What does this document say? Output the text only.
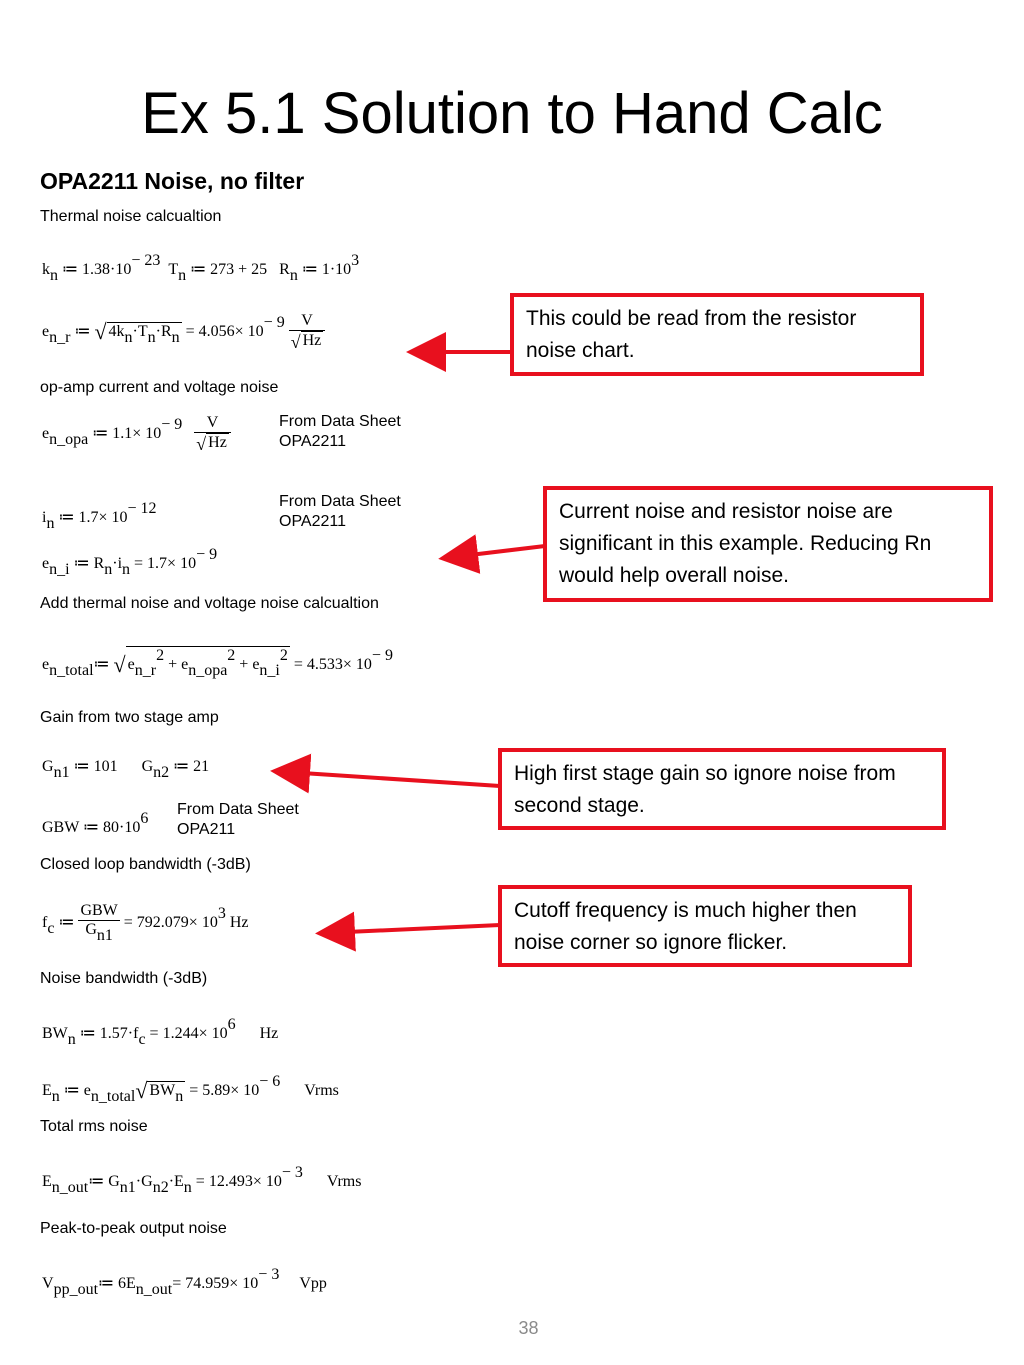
Ex 5.1 Solution to Hand Calc
OPA2211 Noise, no filter
Thermal noise calcualtion
$k_n$ ≔ $1.38\cdot 10^{- 23}$  $T_n$ ≔ 273 + 25   $R_n$ ≔ $1\cdot 10^3$
$e_{n\_r}$ ≔ √ $4k_n\cdot T_n\cdot R_n = 4.056\times 10^{- 9} \frac{V}{√ Hz}$
op-amp current and voltage noise
$e_{n\_opa}$ ≔ $1.1\times 10^{- 9} \frac{V}{√ Hz}$	From Data Sheet
OPA2211
$i_n$ ≔ $1.7\times 10^{- 12}$	From Data Sheet
OPA2211
$e_{n\_i}$ ≔ $R_n\cdot i_n = 1.7\times 10^{- 9}$
Add thermal noise and voltage noise calcualtion
$e_{n\_total}≔$ √ $e_{n\_r}^2 + e_{n\_opa}^2 + e_{n\_i}^2 = 4.533\times 10^{- 9}$
Gain from two stage amp
$G_{n1}$ ≔ 101      $G_{n2}$ ≔ 21
GBW ≔ $80\cdot 10^6$
From Data Sheet
OPA211
Closed loop bandwidth (-3dB)
$f_c$ ≔ $\frac{\text{GBW}}{G_{n1}} = 792.079\times 10^3$ Hz
Noise bandwidth (-3dB)
$BW_n$ ≔ $1.57\cdot f_c = 1.244\times 10^6$      Hz
$E_n$ ≔ $e_{n\_total}√$ $BW_n = 5.89\times 10^{- 6}$      Vrms
Total rms noise
$E_{n\_out}≔$ $G_{n1}\cdot G_{n2}\cdot E_n = 12.493\times 10^{- 3}$      Vrms
Peak-to-peak output noise
$V_{pp\_out}≔$ $6E_{n\_out}= 74.959\times 10^{- 3}$     Vpp
This could be read from the resistor noise chart.
Current noise and resistor noise are significant in this example. Reducing Rn would help overall noise.
High first stage gain so ignore noise from second stage.
Cutoff frequency is much higher then noise corner so ignore flicker.
38
